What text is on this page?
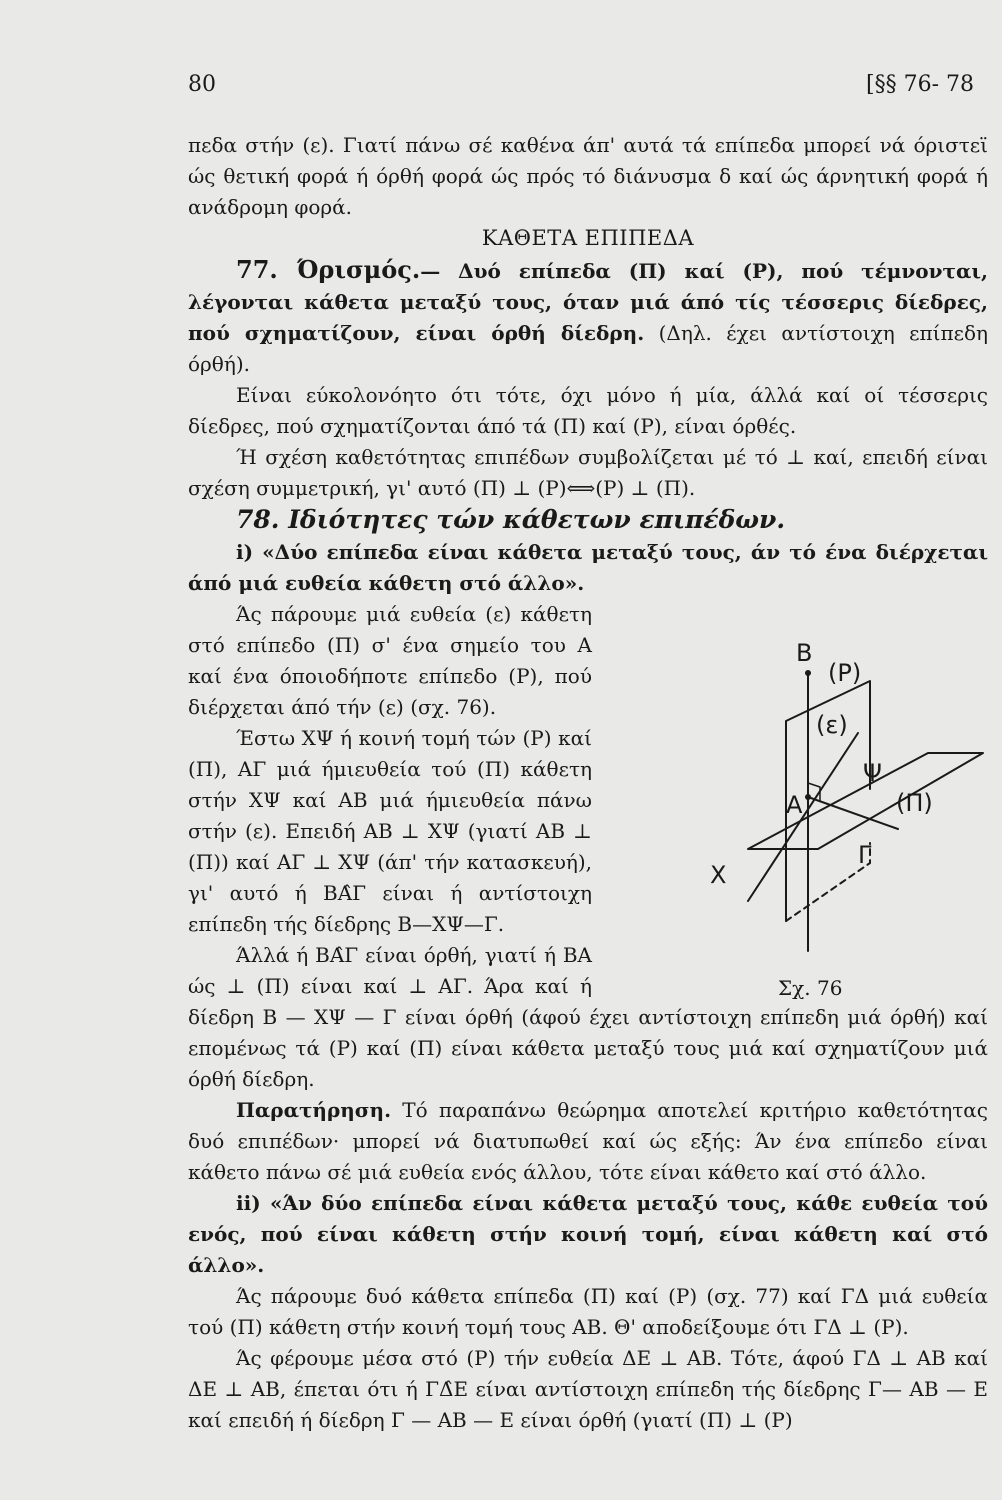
80	[§§ 76- 78

πεδα στήν (ε). Γιατί πάνω σέ καθένα άπ' αυτά τά επίπεδα μπορεί νά όριστεϊ ώς θετική φορά ή όρθή φορά ώς πρός τό διάνυσμα δ καί ώς άρνητική φορά ή ανάδρομη φορά.

ΚΑΘΕΤΑ ΕΠΙΠΕΔΑ

77. Όρισμός.— Δυό επίπεδα (Π) καί (Ρ), πού τέμνονται, λέγονται κάθετα μεταξύ τους, όταν μιά άπό τίς τέσσερις δίεδρες, πού σχηματίζουν, είναι όρθή δίεδρη. (Δηλ. έχει αντίστοιχη επίπεδη όρθή).

Είναι εύκολονόητο ότι τότε, όχι μόνο ή μία, άλλά καί οί τέσσερις δίεδρες, πού σχηματίζονται άπό τά (Π) καί (Ρ), είναι όρθές.

Ή σχέση καθετότητας επιπέδων συμβολίζεται μέ τό ⊥ καί, επειδή είναι σχέση συμμετρική, γι' αυτό (Π) ⊥ (Ρ)⟺(Ρ) ⊥ (Π).

78. Ιδιότητες τών κάθετων επιπέδων.

i) «Δύο επίπεδα είναι κάθετα μεταξύ τους, άν τό ένα διέρχεται άπό μιά ευθεία κάθετη στό άλλο».

Β
(Ρ)
(ε)
Ψ
Α	(Π)
Γ
Χ
Σχ. 76

Άς πάρουμε μιά ευθεία (ε) κάθετη στό επίπεδο (Π) σ' ένα σημείο του Α καί ένα όποιοδήποτε επίπεδο (Ρ), πού διέρχεται άπό τήν (ε) (σχ. 76).

Έστω ΧΨ ή κοινή τομή τών (Ρ) καί (Π), ΑΓ μιά ήμιευθεία τού (Π) κάθετη στήν ΧΨ καί ΑΒ μιά ήμιευθεία πάνω στήν (ε). Επειδή ΑΒ ⊥ ΧΨ (γιατί ΑΒ ⊥ (Π)) καί ΑΓ ⊥ ΧΨ (άπ' τήν κατασκευή), γι' αυτό ή ΒΑ̂Γ είναι ή αντίστοιχη επίπεδη τής δίεδρης Β—ΧΨ—Γ.

Άλλά ή ΒΑ̂Γ είναι όρθή, γιατί ή ΒΑ ώς ⊥ (Π) είναι καί ⊥ ΑΓ. Άρα καί ή δίεδρη Β — ΧΨ — Γ είναι όρθή (άφού έχει αντίστοιχη επίπεδη μιά όρθή) καί επομένως τά (Ρ) καί (Π) είναι κάθετα μεταξύ τους μιά καί σχηματίζουν μιά όρθή δίεδρη.

Παρατήρηση. Τό παραπάνω θεώρημα αποτελεί κριτήριο καθετότητας δυό επιπέδων· μπορεί νά διατυπωθεί καί ώς εξής: Άν ένα επίπεδο είναι κάθετο πάνω σέ μιά ευθεία ενός άλλου, τότε είναι κάθετο καί στό άλλο.

ii) «Άν δύο επίπεδα είναι κάθετα μεταξύ τους, κάθε ευθεία τού ενός, πού είναι κάθετη στήν κοινή τομή, είναι κάθετη καί στό άλλο».

Άς πάρουμε δυό κάθετα επίπεδα (Π) καί (Ρ) (σχ. 77) καί ΓΔ μιά ευθεία τού (Π) κάθετη στήν κοινή τομή τους ΑΒ. Θ' αποδείξουμε ότι ΓΔ ⊥ (Ρ).

Άς φέρουμε μέσα στό (Ρ) τήν ευθεία ΔΕ ⊥ ΑΒ. Τότε, άφού ΓΔ ⊥ ΑΒ καί ΔΕ ⊥ ΑΒ, έπεται ότι ή ΓΔ̂Ε είναι αντίστοιχη επίπεδη τής δίεδρης Γ— ΑΒ — Ε καί επειδή ή δίεδρη Γ — ΑΒ — Ε είναι όρθή (γιατί (Π) ⊥ (Ρ)
